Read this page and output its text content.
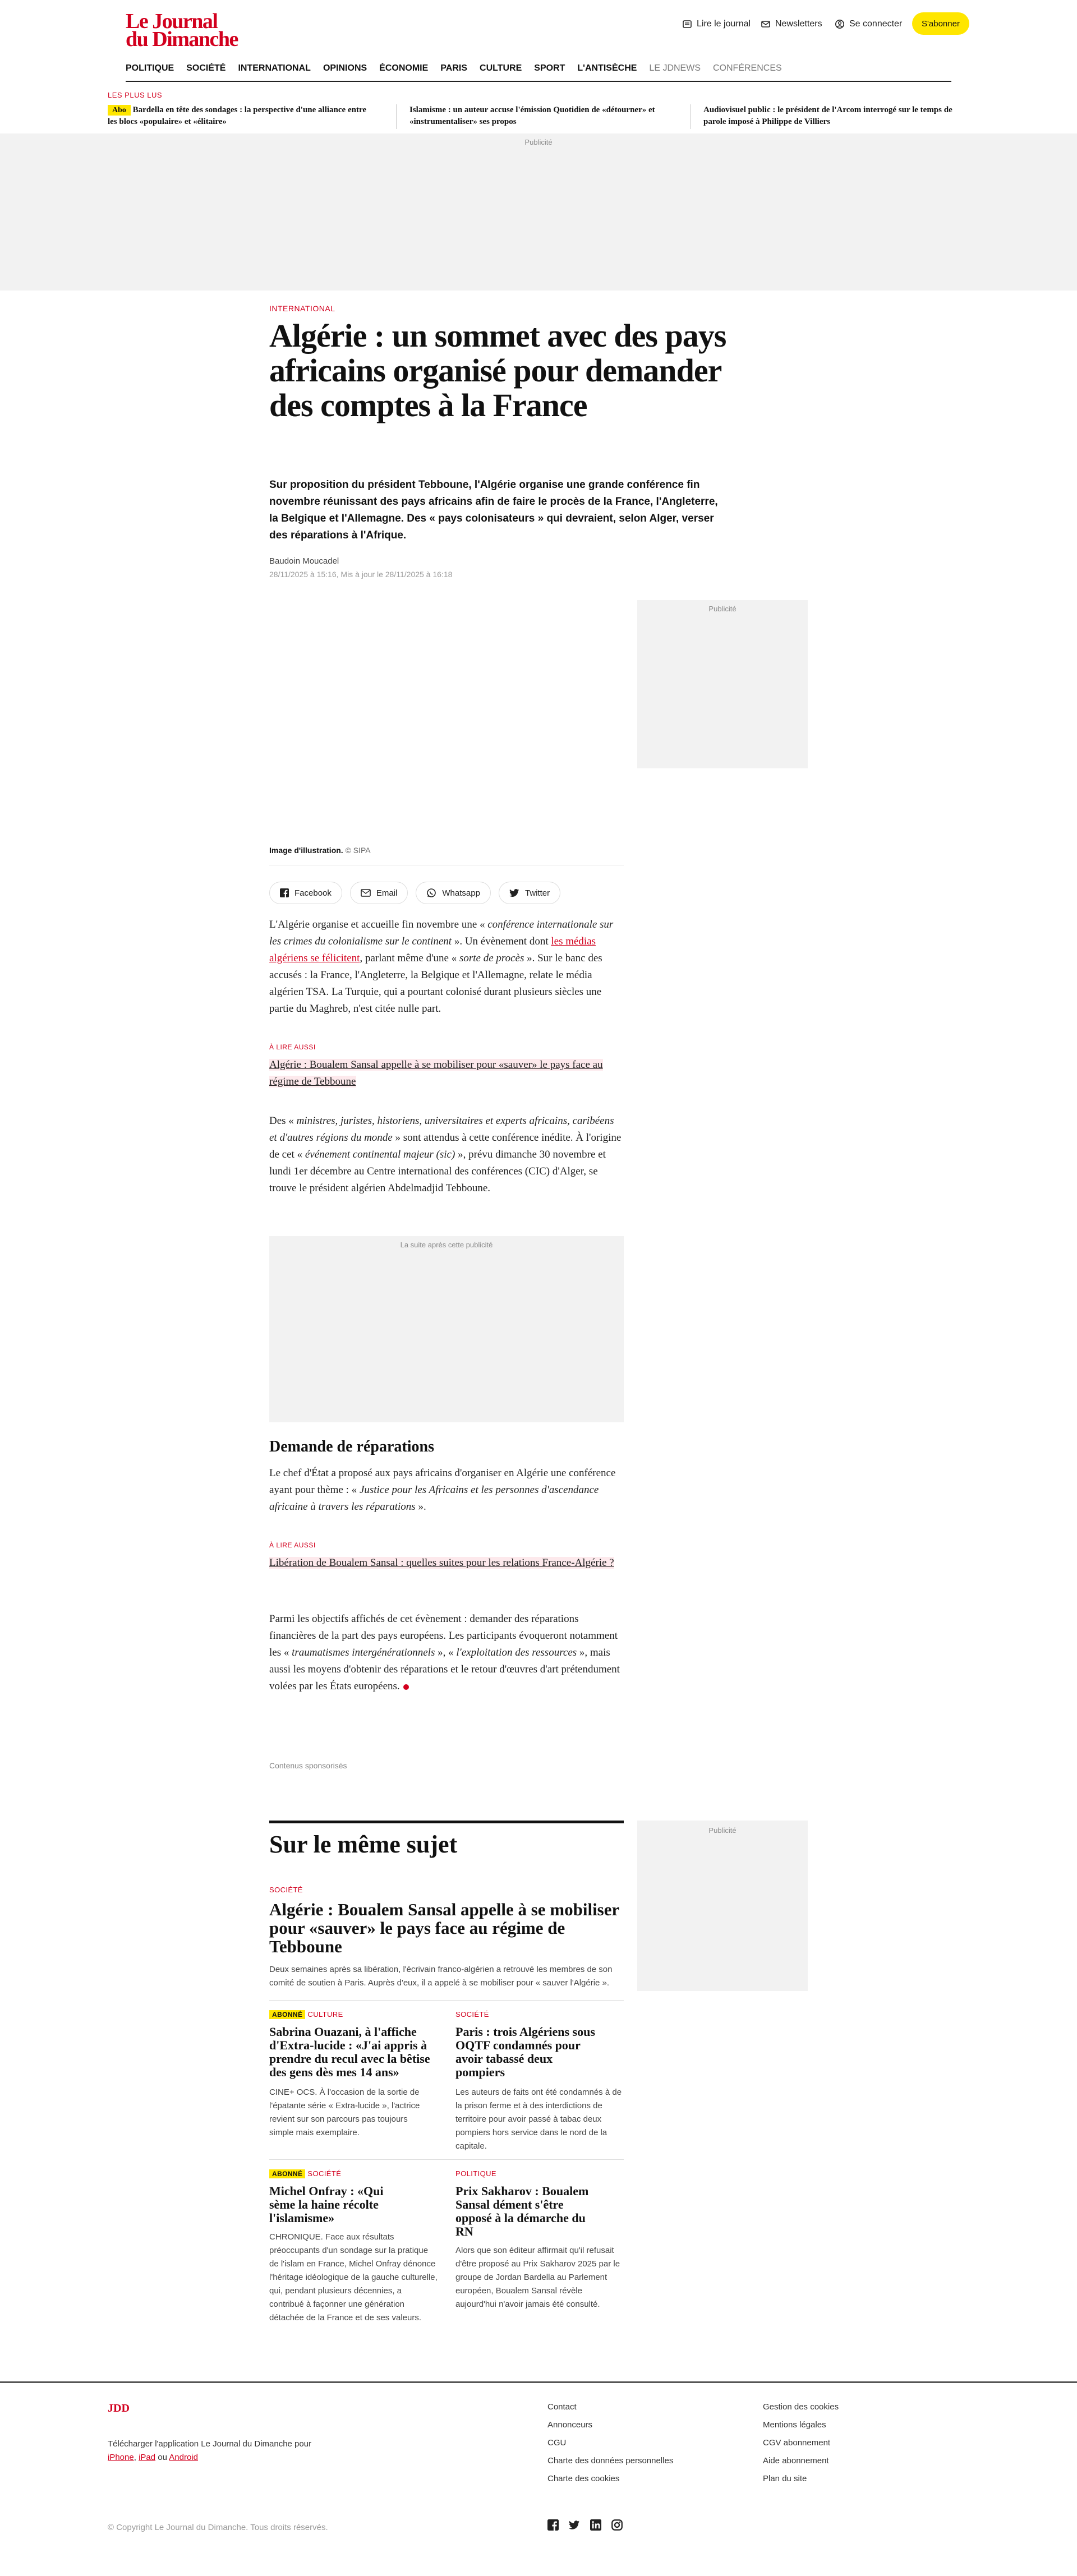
Le Journal
du Dimanche
Lire le journal	Newsletters	Se connecter	S'abonner
POLITIQUE SOCIÉTÉ INTERNATIONAL OPINIONS ÉCONOMIE PARIS CULTURE SPORT L'ANTISÈCHE LE JDNEWS CONFÉRENCES
LES PLUS LUS
Abo Bardella en tête des sondages : la perspective d'une alliance entre les blocs «populaire» et «élitaire»
Islamisme : un auteur accuse l'émission Quotidien de «détourner» et «instrumentaliser» ses propos
Audiovisuel public : le président de l'Arcom interrogé sur le temps de parole imposé à Philippe de Villiers
Publicité
INTERNATIONAL
Algérie : un sommet avec des pays africains organisé pour demander des comptes à la France

Sur proposition du président Tebboune, l'Algérie organise une grande conférence fin novembre réunissant des pays africains afin de faire le procès de la France, l'Angleterre, la Belgique et l'Allemagne. Des « pays colonisateurs » qui devraient, selon Alger, verser des réparations à l'Afrique.

Baudoin Moucadel
28/11/2025 à 15:16, Mis à jour le 28/11/2025 à 16:18
Publicité
Image d'illustration. © SIPA
Facebook	Email	Whatsapp	Twitter

L'Algérie organise et accueille fin novembre une « conférence internationale sur les crimes du colonialisme sur le continent ». Un évènement dont les médias algériens se félicitent, parlant même d'une « sorte de procès ». Sur le banc des accusés : la France, l'Angleterre, la Belgique et l'Allemagne, relate le média algérien TSA. La Turquie, qui a pourtant colonisé durant plusieurs siècles une partie du Maghreb, n'est citée nulle part.

À LIRE AUSSI
Algérie : Boualem Sansal appelle à se mobiliser pour «sauver» le pays face au régime de Tebboune

Des « ministres, juristes, historiens, universitaires et experts africains, caribéens et d'autres régions du monde » sont attendus à cette conférence inédite. À l'origine de cet « événement continental majeur (sic) », prévu dimanche 30 novembre et lundi 1er décembre au Centre international des conférences (CIC) d'Alger, se trouve le président algérien Abdelmadjid Tebboune.

La suite après cette publicité
Demande de réparations

Le chef d'État a proposé aux pays africains d'organiser en Algérie une conférence ayant pour thème : « Justice pour les Africains et les personnes d'ascendance africaine à travers les réparations ».

À LIRE AUSSI
Libération de Boualem Sansal : quelles suites pour les relations France-Algérie ?

Parmi les objectifs affichés de cet évènement : demander des réparations financières de la part des pays européens. Les participants évoqueront notamment les « traumatismes intergénérationnels », « l'exploitation des ressources », mais aussi les moyens d'obtenir des réparations et le retour d'œuvres d'art prétendument volées par les États européens.

Contenus sponsorisés
Sur le même sujet
Publicité
SOCIÉTÉ
Algérie : Boualem Sansal appelle à se mobiliser pour «sauver» le pays face au régime de Tebboune
Deux semaines après sa libération, l'écrivain franco-algérien a retrouvé les membres de son comité de soutien à Paris. Auprès d'eux, il a appelé à se mobiliser pour « sauver l'Algérie ».
ABONNÉ CULTURE
Sabrina Ouazani, à l'affiche d'Extra-lucide : «J'ai appris à prendre du recul avec la bêtise des gens dès mes 14 ans»
CINE+ OCS. À l'occasion de la sortie de l'épatante série « Extra-lucide », l'actrice revient sur son parcours pas toujours simple mais exemplaire.
SOCIÉTÉ
Paris : trois Algériens sous OQTF condamnés pour avoir tabassé deux pompiers
Les auteurs de faits ont été condamnés à de la prison ferme et à des interdictions de territoire pour avoir passé à tabac deux pompiers hors service dans le nord de la capitale.
ABONNÉ SOCIÉTÉ
Michel Onfray : «Qui sème la haine récolte l'islamisme»
CHRONIQUE. Face aux résultats préoccupants d'un sondage sur la pratique de l'islam en France, Michel Onfray dénonce l'héritage idéologique de la gauche culturelle, qui, pendant plusieurs décennies, a contribué à façonner une génération détachée de la France et de ses valeurs.
POLITIQUE
Prix Sakharov : Boualem Sansal dément s'être opposé à la démarche du RN
Alors que son éditeur affirmait qu'il refusait d'être proposé au Prix Sakharov 2025 par le groupe de Jordan Bardella au Parlement européen, Boualem Sansal révèle aujourd'hui n'avoir jamais été consulté.
JDD
Télécharger l'application Le Journal du Dimanche pour iPhone, iPad ou Android
Contact
Annonceurs
CGU
Charte des données personnelles
Charte des cookies
Gestion des cookies
Mentions légales
CGV abonnement
Aide abonnement
Plan du site
© Copyright Le Journal du Dimanche. Tous droits réservés.
